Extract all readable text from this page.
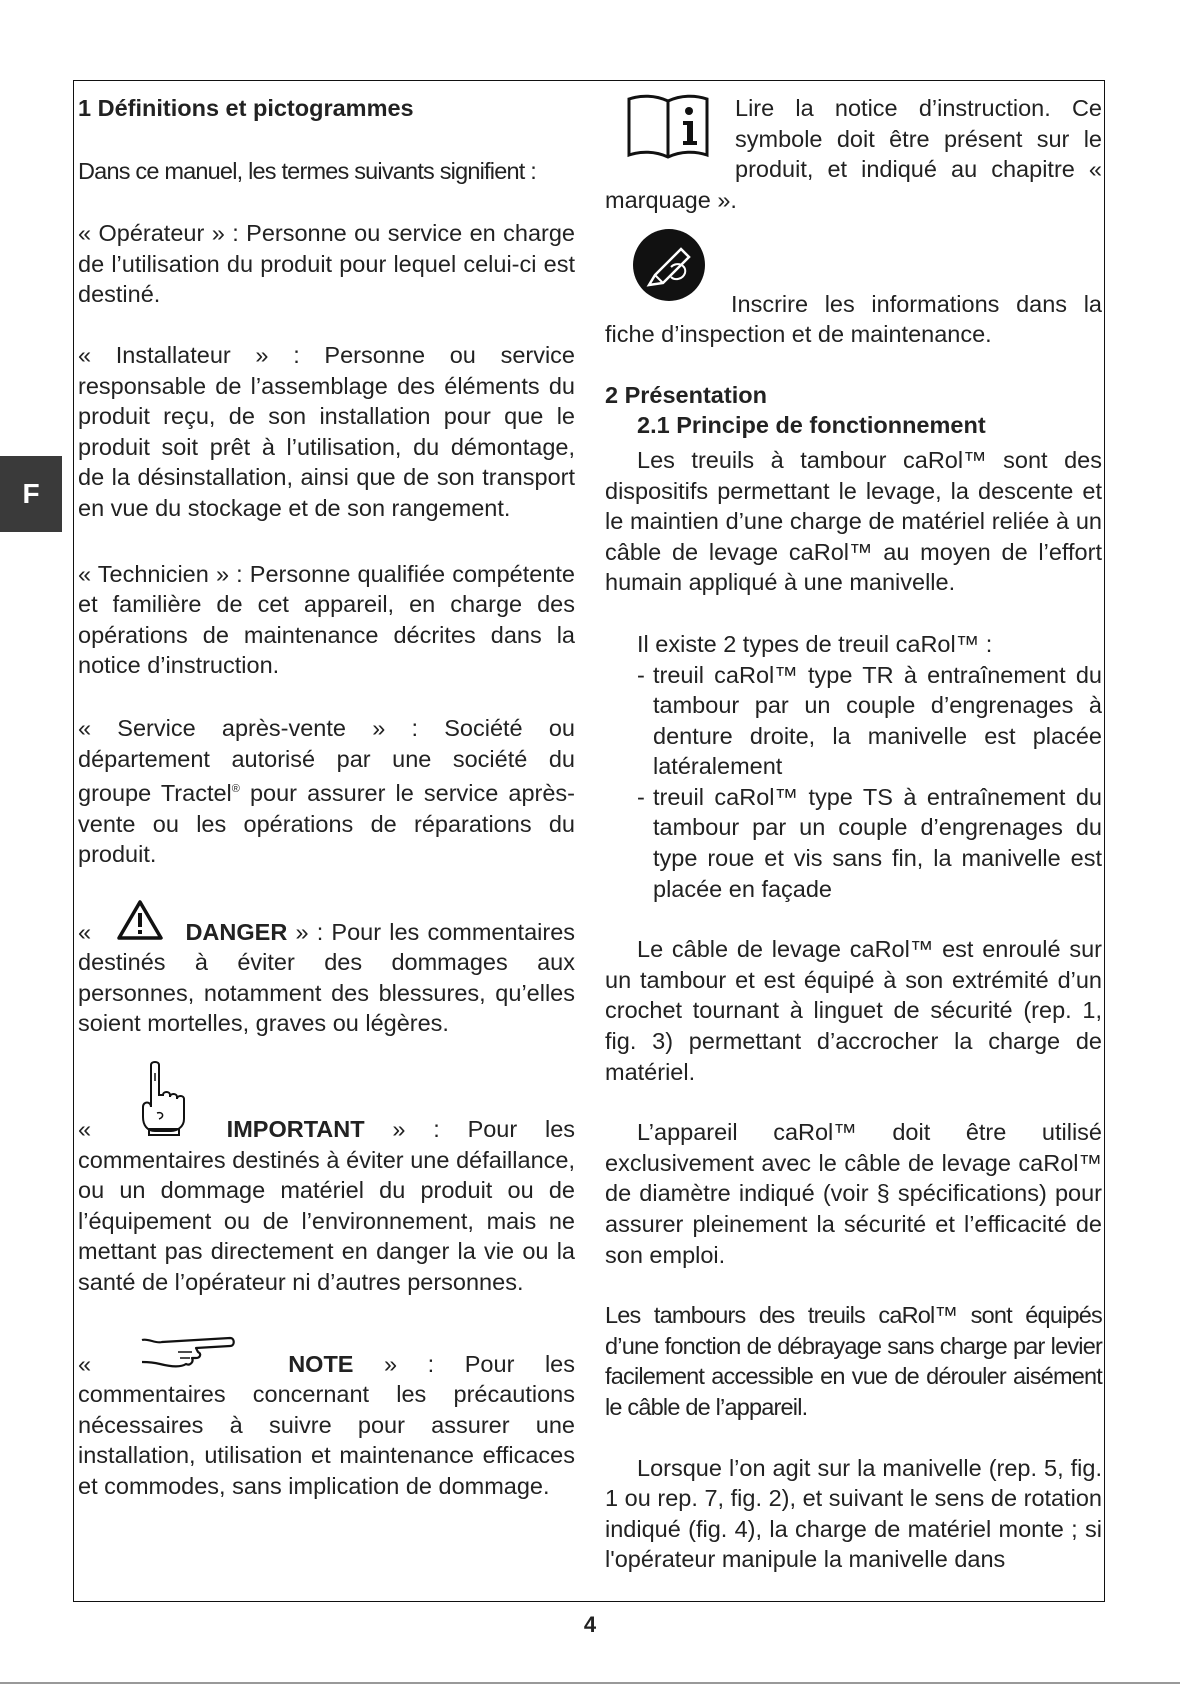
F
1 Définitions et pictogrammes

Dans ce manuel, les termes suivants signifient :

« Opérateur » : Personne ou service en charge de l’utilisation du produit pour lequel celui-ci est destiné.

« Installateur » : Personne ou service responsable de l’assemblage des éléments du produit reçu, de son installation pour que le produit soit prêt à l’utilisation, du démontage, de la désinstallation, ainsi que de son transport en vue du stockage et de son rangement.

« Technicien » : Personne qualifiée compétente et familière de cet appareil, en charge des opérations de maintenance décrites dans la notice d’instruction.

« Service après-vente » : Société ou département autorisé par une société du groupe Tractel® pour assurer le service après-vente ou les opérations de réparations du produit.

«	DANGER » : Pour les commentaires destinés à éviter des dommages aux personnes, notamment des blessures, qu’elles soient mortelles, graves ou légères.

«	IMPORTANT » : Pour les commentaires destinés à éviter une défaillance, ou un dommage matériel du produit ou de l’équipement ou de l’environnement, mais ne mettant pas directement en danger la vie ou la santé de l’opérateur ni d’autres personnes.

«	NOTE » : Pour les commentaires concernant les précautions nécessaires à suivre pour assurer une installation, utilisation et maintenance efficaces et commodes, sans implication de dommage.

Lire la notice d’instruction. Ce symbole doit être présent sur le produit, et indiqué au chapitre « marquage ».

Inscrire les informations dans la fiche d’inspection et de maintenance.

2 Présentation
2.1 Principe de fonctionnement

Les treuils à tambour caRol™ sont des dispositifs permettant le levage, la descente et le maintien d’une charge de matériel reliée à un câble de levage caRol™ au moyen de l’effort humain appliqué à une manivelle.

Il existe 2 types de treuil caRol™ :

- treuil caRol™ type TR à entraînement du tambour par un couple d’engrenages à denture droite, la manivelle est placée latéralement
- treuil caRol™ type TS à entraînement du tambour par un couple d’engrenages du type roue et vis sans fin, la manivelle est placée en façade

Le câble de levage caRol™ est enroulé sur un tambour et est équipé à son extrémité d’un crochet tournant à linguet de sécurité (rep. 1, fig. 3) permettant d’accrocher la charge de matériel.

L’appareil caRol™ doit être utilisé exclusivement avec le câble de levage caRol™ de diamètre indiqué (voir § spécifications) pour assurer pleinement la sécurité et l’efficacité de son emploi.

Les tambours des treuils caRol™ sont équipés d’une fonction de débrayage sans charge par levier facilement accessible en vue de dérouler aisément le câble de l’appareil.

Lorsque l’on agit sur la manivelle (rep. 5, fig. 1 ou rep. 7, fig. 2), et suivant le sens de rotation indiqué (fig. 4), la charge de matériel monte ; si l'opérateur manipule la manivelle dans

4
